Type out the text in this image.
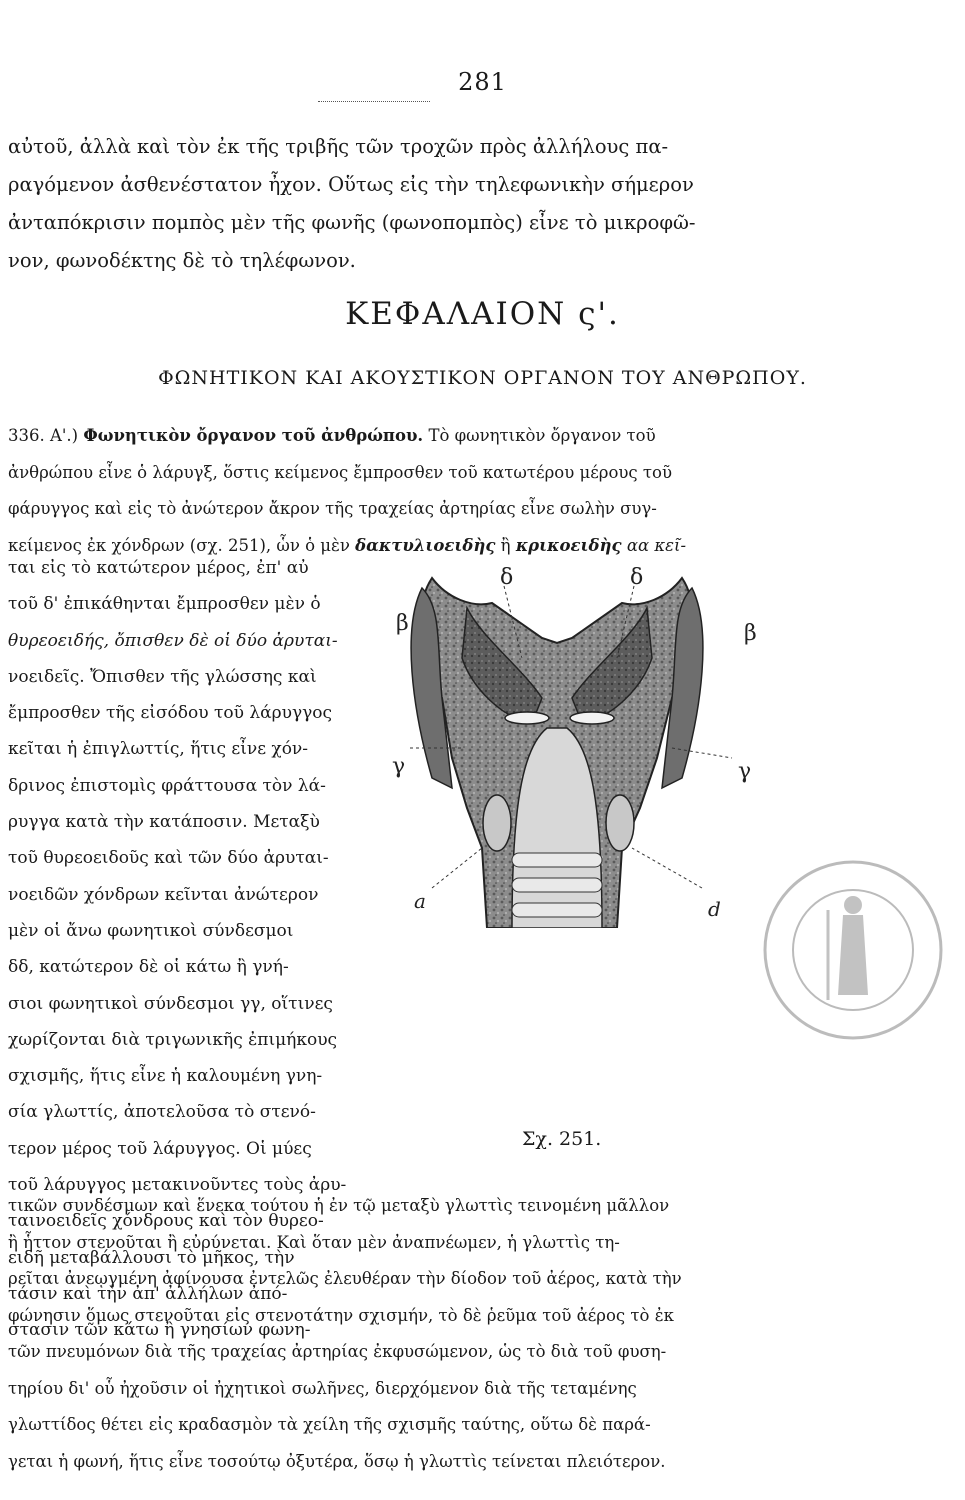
281
αὐτοῦ, ἀλλὰ καὶ τὸν ἐκ τῆς τριβῆς τῶν τροχῶν πρὸς ἀλλήλους πα-
ραγόμενον ἀσθενέστατον ἦχον. Οὕτως εἰς τὴν τηλεφωνικὴν σήμερον
ἀνταπόκρισιν πομπὸς μὲν τῆς φωνῆς (φωνοπομπὸς) εἶνε τὸ μικροφῶ-
νον, φωνοδέκτης δὲ τὸ τηλέφωνον.
ΚΕΦΑΛΑΙΟΝ ς'.
ΦΩΝΗΤΙΚΟΝ ΚΑΙ ΑΚΟΥΣΤΙΚΟΝ ΟΡΓΑΝΟΝ ΤΟΥ ΑΝΘΡΩΠΟΥ.
336. Α'.) Φωνητικὸν ὄργανον τοῦ ἀνθρώπου. Τὸ φωνητικὸν ὄργανον τοῦ
ἀνθρώπου εἶνε ὁ λάρυγξ, ὅστις κείμενος ἔμπροσθεν τοῦ κατωτέρου μέρους τοῦ
φάρυγγος καὶ εἰς τὸ ἀνώτερον ἄκρον τῆς τραχείας ἀρτηρίας εἶνε σωλὴν συγ-
κείμενος ἐκ χόνδρων (σχ. 251), ὧν ὁ μὲν δακτυλιοειδὴς ἢ κρικοειδὴς αα κεῖ-
ται εἰς τὸ κατώτερον μέρος, ἐπ' αὐ
τοῦ δ' ἐπικάθηνται ἔμπροσθεν μὲν ὁ
θυρεοειδής, ὄπισθεν δὲ οἱ δύο ἀρυται-
νοειδεῖς. Ὄπισθεν τῆς γλώσσης καὶ
ἔμπροσθεν τῆς εἰσόδου τοῦ λάρυγγος
κεῖται ἡ ἐπιγλωττίς, ἥτις εἶνε χόν-
δρινος ἐπιστομὶς φράττουσα τὸν λά-
ρυγγα κατὰ τὴν κατάποσιν. Μεταξὺ
τοῦ θυρεοειδοῦς καὶ τῶν δύο ἀρυται-
νοειδῶν χόνδρων κεῖνται ἀνώτερον
μὲν οἱ ἄνω φωνητικοὶ σύνδεσμοι
δδ, κατώτερον δὲ οἱ κάτω ἢ γνή-
σιοι φωνητικοὶ σύνδεσμοι γγ, οἵτινες
χωρίζονται διὰ τριγωνικῆς ἐπιμήκους
σχισμῆς, ἥτις εἶνε ἡ καλουμένη γνη-
σία γλωττίς, ἀποτελοῦσα τὸ στενό-
τερον μέρος τοῦ λάρυγγος. Οἱ μύες
τοῦ λάρυγγος μετακινοῦντες τοὺς ἀρυ-
ταινοειδεῖς χόνδρους καὶ τὸν θυρεο-
ειδῆ μεταβάλλουσι τὸ μῆκος, τὴν
τάσιν καὶ τὴν ἀπ' ἀλλήλων ἀπό-
στασιν τῶν κάτω ἢ γνησίων φωνη-
δ	δ
β	β
γ	γ
a	d
Σχ. 251.
τικῶν συνδέσμων καὶ ἕνεκα τούτου ἡ ἐν τῷ μεταξὺ γλωττὶς τεινομένη μᾶλλον
ἢ ἧττον στενοῦται ἢ εὐρύνεται. Καὶ ὅταν μὲν ἀναπνέωμεν, ἡ γλωττὶς τη-
ρεῖται ἀνεῳγμένη ἀφίνουσα ἐντελῶς ἐλευθέραν τὴν δίοδον τοῦ ἀέρος, κατὰ τὴν
φώνησιν ὅμως στενοῦται εἰς στενοτάτην σχισμήν, τὸ δὲ ῥεῦμα τοῦ ἀέρος τὸ ἐκ
τῶν πνευμόνων διὰ τῆς τραχείας ἀρτηρίας ἐκφυσώμενον, ὡς τὸ διὰ τοῦ φυση-
τηρίου δι' οὗ ἠχοῦσιν οἱ ἠχητικοὶ σωλῆνες, διερχόμενον διὰ τῆς τεταμένης
γλωττίδος θέτει εἰς κραδασμὸν τὰ χείλη τῆς σχισμῆς ταύτης, οὕτω δὲ παρά-
γεται ἡ φωνή, ἥτις εἶνε τοσούτῳ ὀξυτέρα, ὅσῳ ἡ γλωττὶς τείνεται πλειότερον.
